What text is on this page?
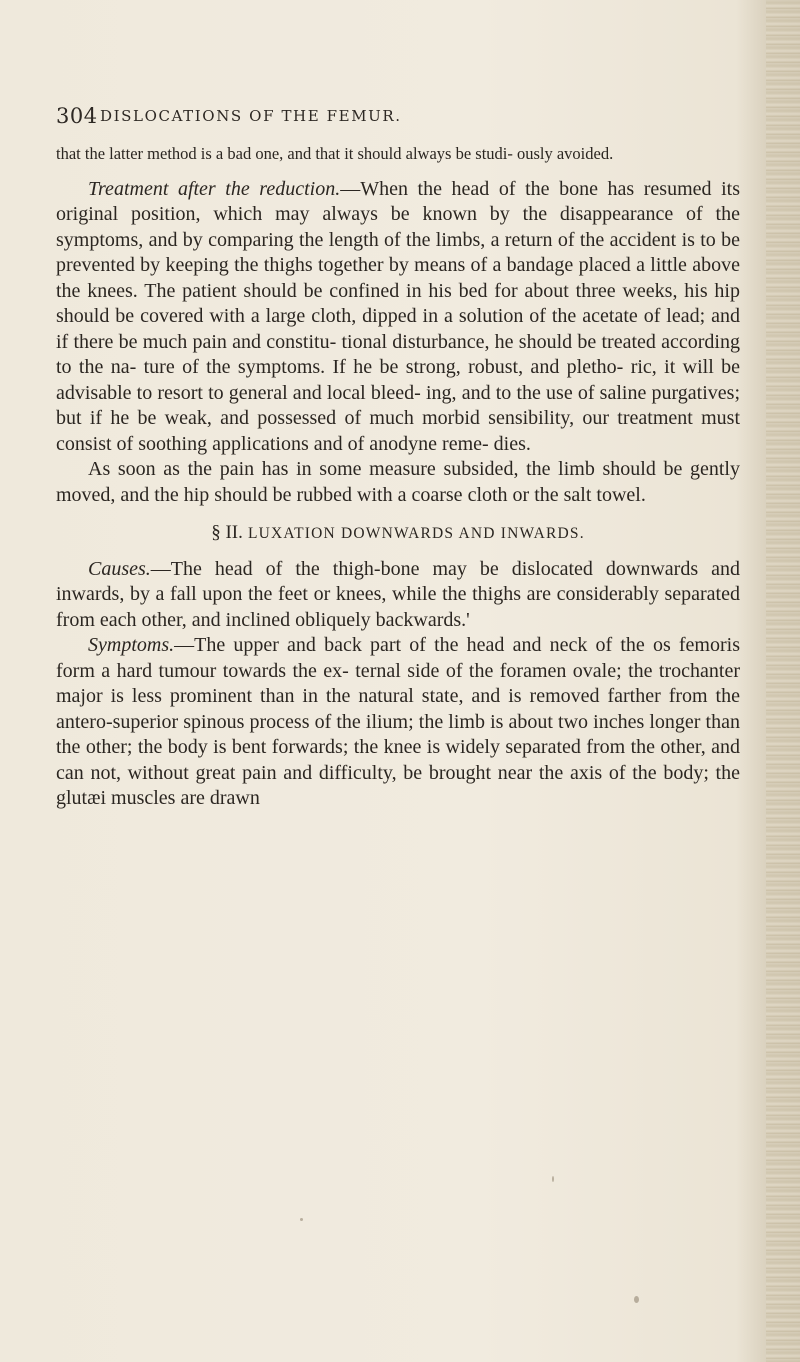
304 DISLOCATIONS OF THE FEMUR.

that the latter method is a bad one, and that it should always be studi- ously avoided.

Treatment after the reduction.—When the head of the bone has resumed its original position, which may always be known by the disappearance of the symptoms, and by comparing the length of the limbs, a return of the accident is to be prevented by keeping the thighs together by means of a bandage placed a little above the knees. The patient should be confined in his bed for about three weeks, his hip should be covered with a large cloth, dipped in a solution of the acetate of lead; and if there be much pain and constitu- tional disturbance, he should be treated according to the na- ture of the symptoms. If he be strong, robust, and pletho- ric, it will be advisable to resort to general and local bleed- ing, and to the use of saline purgatives; but if he be weak, and possessed of much morbid sensibility, our treatment must consist of soothing applications and of anodyne reme- dies.

As soon as the pain has in some measure subsided, the limb should be gently moved, and the hip should be rubbed with a coarse cloth or the salt towel.

§ II. LUXATION DOWNWARDS AND INWARDS.

Causes.—The head of the thigh-bone may be dislocated downwards and inwards, by a fall upon the feet or knees, while the thighs are considerably separated from each other, and inclined obliquely backwards.'

Symptoms.—The upper and back part of the head and neck of the os femoris form a hard tumour towards the ex- ternal side of the foramen ovale; the trochanter major is less prominent than in the natural state, and is removed farther from the antero-superior spinous process of the ilium; the limb is about two inches longer than the other; the body is bent forwards; the knee is widely separated from the other, and can not, without great pain and difficulty, be brought near the axis of the body; the glutæi muscles are drawn
